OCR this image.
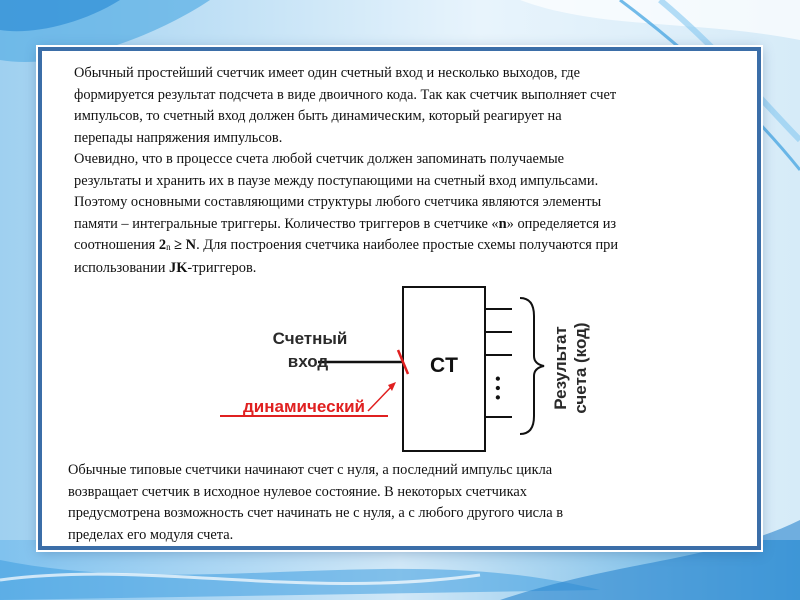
Обычный простейший счетчик имеет один счетный вход и несколько выходов, где
формируется результат подсчета в виде двоичного кода. Так как счетчик выполняет счет
импульсов, то счетный вход должен быть динамическим, который реагирует на
перепады напряжения импульсов.
Очевидно, что в процессе счета любой счетчик должен запоминать получаемые
результаты и хранить их в паузе между поступающими на счетный вход импульсами.
Поэтому основными составляющими структуры любого счетчика являются элементы
памяти – интегральные триггеры. Количество триггеров в счетчике «n» определяется из
соотношения $2_n \ge N$. Для построения счетчика наиболее простые схемы получаются при
использовании JK-триггеров.

CT
Счетный
вход
динамический
• • •	Результат счета (код)

Обычные типовые счетчики начинают счет с нуля, а последний импульс цикла
возвращает счетчик в исходное нулевое состояние. В некоторых счетчиках
предусмотрена возможность счет начинать не с нуля, а с любого другого числа в
пределах его модуля счета.
